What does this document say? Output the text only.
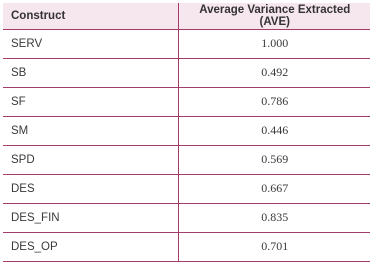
Construct	Average Variance Extracted (AVE)
SERV	1.000
SB	0.492
SF	0.786
SM	0.446
SPD	0.569
DES	0.667
DES_FIN	0.835
DES_OP	0.701
